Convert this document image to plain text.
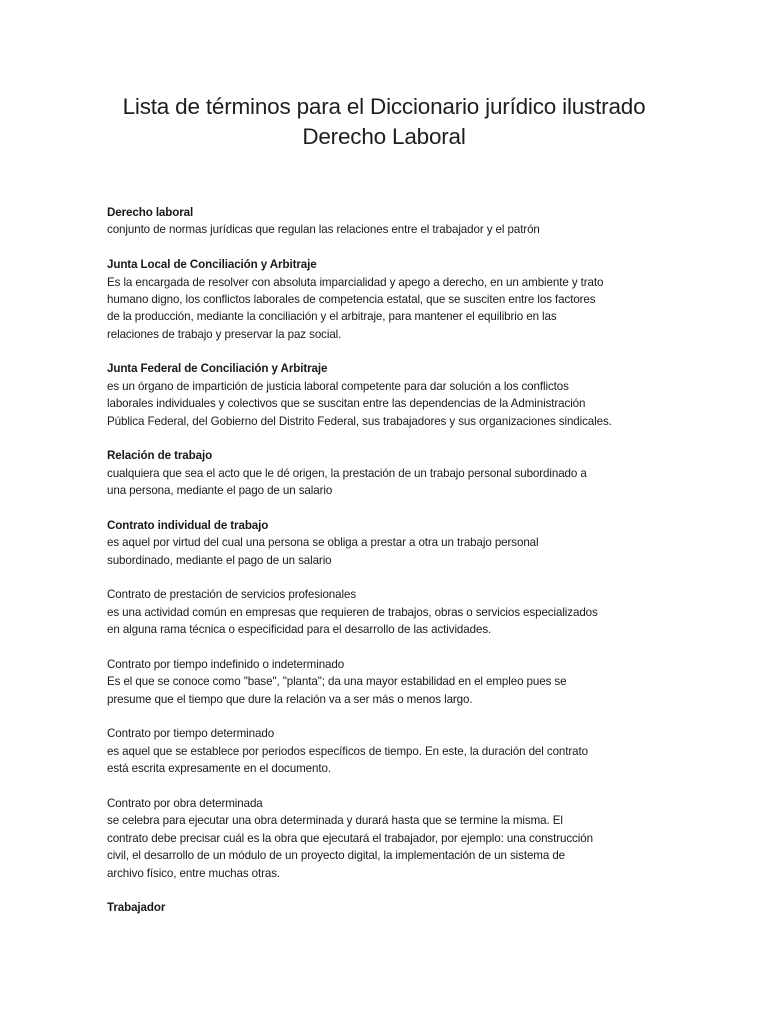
Lista de términos para el Diccionario jurídico ilustrado
Derecho Laboral
Derecho laboral
conjunto de normas jurídicas que regulan las relaciones entre el trabajador y el patrón
Junta Local de Conciliación y Arbitraje
Es la encargada de resolver con absoluta imparcialidad y apego a derecho, en un ambiente y trato
humano digno, los conflictos laborales de competencia estatal, que se susciten entre los factores
de la producción, mediante la conciliación y el arbitraje, para mantener el equilibrio en las
relaciones de trabajo y preservar la paz social.
Junta Federal de Conciliación y Arbitraje
es un órgano de impartición de justicia laboral competente para dar solución a los conflictos
laborales individuales y colectivos que se suscitan entre las dependencias de la Administración
Pública Federal, del Gobierno del Distrito Federal, sus trabajadores y sus organizaciones sindicales.
Relación de trabajo
cualquiera que sea el acto que le dé origen, la prestación de un trabajo personal subordinado a
una persona, mediante el pago de un salario
Contrato individual de trabajo
es aquel por virtud del cual una persona se obliga a prestar a otra un trabajo personal
subordinado, mediante el pago de un salario
Contrato de prestación de servicios profesionales
es una actividad común en empresas que requieren de trabajos, obras o servicios especializados
en alguna rama técnica o especificidad para el desarrollo de las actividades.
Contrato por tiempo indefinido o indeterminado
Es el que se conoce como "base", "planta"; da una mayor estabilidad en el empleo pues se
presume que el tiempo que dure la relación va a ser más o menos largo.
Contrato por tiempo determinado
es aquel que se establece por periodos específicos de tiempo. En este, la duración del contrato
está escrita expresamente en el documento.
Contrato por obra determinada
se celebra para ejecutar una obra determinada y durará hasta que se termine la misma. El
contrato debe precisar cuál es la obra que ejecutará el trabajador, por ejemplo: una construcción
civil, el desarrollo de un módulo de un proyecto digital, la implementación de un sistema de
archivo físico, entre muchas otras.
Trabajador
